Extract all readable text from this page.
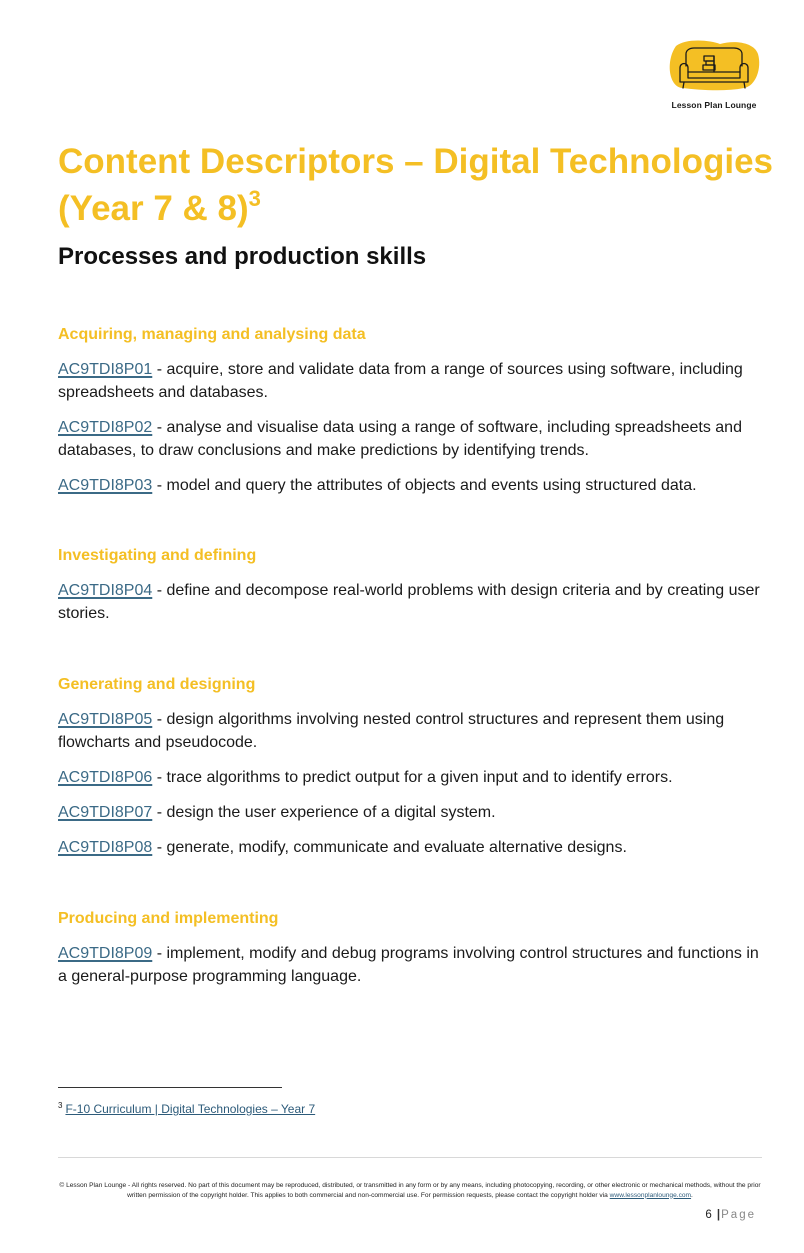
Lesson Plan Lounge
Content Descriptors – Digital Technologies (Year 7 & 8)$^3$
Processes and production skills
Acquiring, managing and analysing data

AC9TDI8P01 - acquire, store and validate data from a range of sources using software, including spreadsheets and databases.

AC9TDI8P02 - analyse and visualise data using a range of software, including spreadsheets and databases, to draw conclusions and make predictions by identifying trends.

AC9TDI8P03 - model and query the attributes of objects and events using structured data.

Investigating and defining

AC9TDI8P04 - define and decompose real-world problems with design criteria and by creating user stories.

Generating and designing

AC9TDI8P05 - design algorithms involving nested control structures and represent them using flowcharts and pseudocode.

AC9TDI8P06 - trace algorithms to predict output for a given input and to identify errors.

AC9TDI8P07 - design the user experience of a digital system.

AC9TDI8P08 - generate, modify, communicate and evaluate alternative designs.

Producing and implementing

AC9TDI8P09 - implement, modify and debug programs involving control structures and functions in a general-purpose programming language.

$^3$ F-10 Curriculum | Digital Technologies – Year 7
© Lesson Plan Lounge - All rights reserved. No part of this document may be reproduced, distributed, or transmitted in any form or by any means, including photocopying, recording, or other electronic or mechanical methods, without the prior written permission of the copyright holder. This applies to both commercial and non-commercial use. For permission requests, please contact the copyright holder via www.lessonplanlounge.com.
6 |Page
